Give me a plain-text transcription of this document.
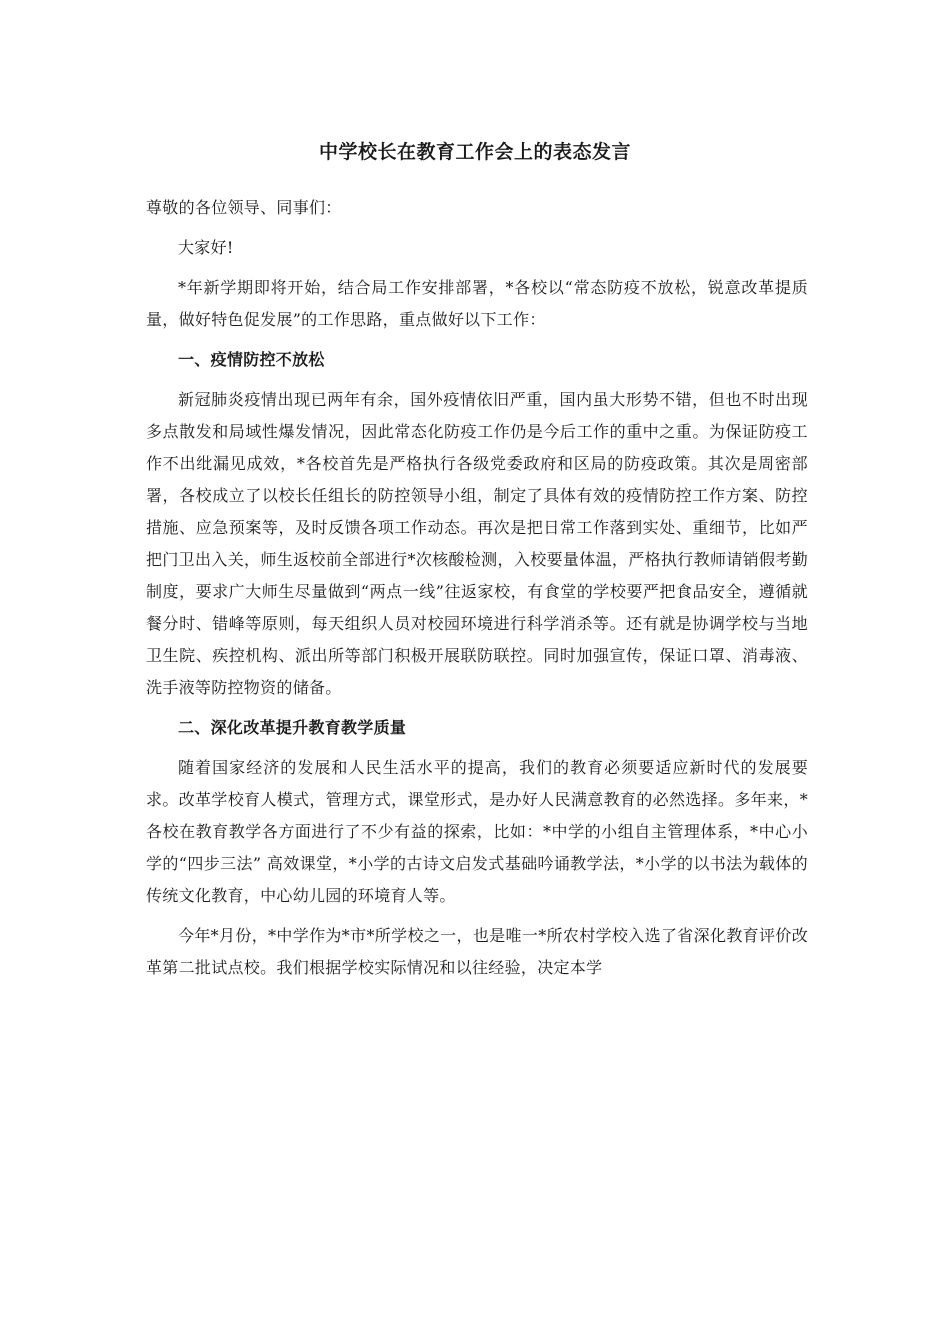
中学校长在教育工作会上的表态发言

尊敬的各位领导、同事们：

大家好!

*年新学期即将开始，结合局工作安排部署，*各校以“常态防疫不放松，锐意改革提质量，做好特色促发展”的工作思路，重点做好以下工作：

一、疫情防控不放松

新冠肺炎疫情出现已两年有余，国外疫情依旧严重，国内虽大形势不错，但也不时出现多点散发和局域性爆发情况，因此常态化防疫工作仍是今后工作的重中之重。为保证防疫工作不出纰漏见成效，*各校首先是严格执行各级党委政府和区局的防疫政策。其次是周密部署，各校成立了以校长任组长的防控领导小组，制定了具体有效的疫情防控工作方案、防控措施、应急预案等，及时反馈各项工作动态。再次是把日常工作落到实处、重细节，比如严把门卫出入关，师生返校前全部进行*次核酸检测，入校要量体温，严格执行教师请销假考勤制度，要求广大师生尽量做到“两点一线”往返家校，有食堂的学校要严把食品安全，遵循就餐分时、错峰等原则，每天组织人员对校园环境进行科学消杀等。还有就是协调学校与当地卫生院、疾控机构、派出所等部门积极开展联防联控。同时加强宣传，保证口罩、消毒液、洗手液等防控物资的储备。

二、深化改革提升教育教学质量

随着国家经济的发展和人民生活水平的提高，我们的教育必须要适应新时代的发展要求。改革学校育人模式，管理方式，课堂形式，是办好人民满意教育的必然选择。多年来，*各校在教育教学各方面进行了不少有益的探索，比如：*中学的小组自主管理体系，*中心小学的“四步三法” 高效课堂，*小学的古诗文启发式基础吟诵教学法，*小学的以书法为载体的传统文化教育，中心幼儿园的环境育人等。

今年*月份，*中学作为*市*所学校之一，也是唯一*所农村学校入选了省深化教育评价改革第二批试点校。我们根据学校实际情况和以往经验，决定本学
